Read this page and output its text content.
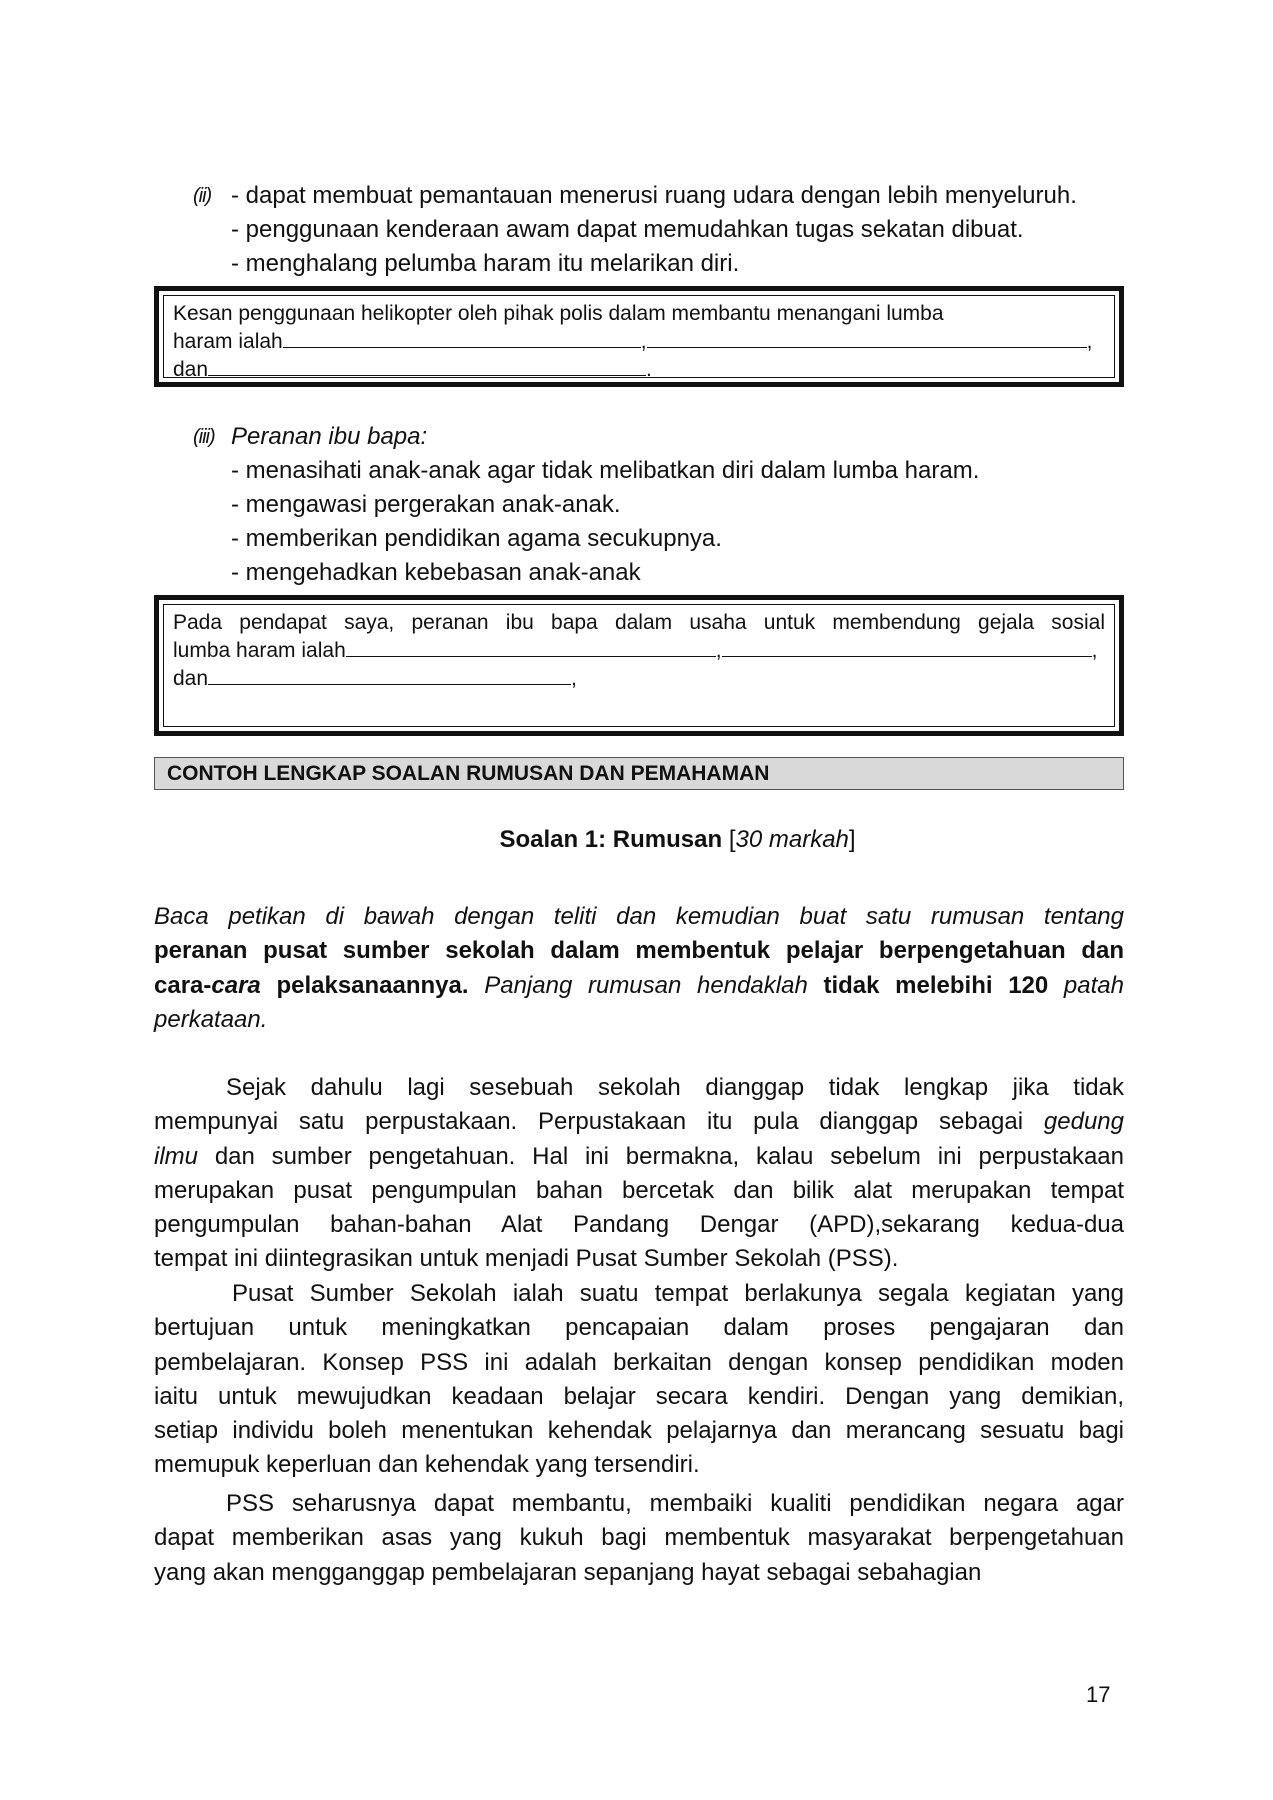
(ii) - dapat membuat pemantauan menerusi ruang udara dengan lebih menyeluruh.
- penggunaan kenderaan awam dapat memudahkan tugas sekatan dibuat.
- menghalang pelumba haram itu melarikan diri.
Kesan penggunaan helikopter oleh pihak polis dalam membantu menangani lumba
haram ialah	,	,
dan	.
(iii) Peranan ibu bapa:
- menasihati anak-anak agar tidak melibatkan diri dalam lumba haram.
- mengawasi pergerakan anak-anak.
- memberikan pendidikan agama secukupnya.
- mengehadkan kebebasan anak-anak
Pada pendapat saya, peranan ibu bapa dalam usaha untuk membendung gejala sosial
lumba haram ialah	,	,
dan	,
CONTOH LENGKAP SOALAN RUMUSAN DAN PEMAHAMAN
Soalan 1: Rumusan [30 markah]
Baca petikan di bawah dengan teliti dan kemudian buat satu rumusan tentang
peranan pusat sumber sekolah dalam membentuk pelajar berpengetahuan dan
cara-cara pelaksanaannya. Panjang rumusan hendaklah tidak melebihi 120 patah
perkataan.
Sejak dahulu lagi sesebuah sekolah dianggap tidak lengkap jika tidak
mempunyai satu perpustakaan. Perpustakaan itu pula dianggap sebagai gedung
ilmu dan sumber pengetahuan. Hal ini bermakna, kalau sebelum ini perpustakaan
merupakan pusat pengumpulan bahan bercetak dan bilik alat merupakan tempat
pengumpulan bahan-bahan Alat Pandang Dengar (APD),sekarang kedua-dua
tempat ini diintegrasikan untuk menjadi Pusat Sumber Sekolah (PSS).
Pusat Sumber Sekolah ialah suatu tempat berlakunya segala kegiatan yang
bertujuan untuk meningkatkan pencapaian dalam proses pengajaran dan
pembelajaran. Konsep PSS ini adalah berkaitan dengan konsep pendidikan moden
iaitu untuk mewujudkan keadaan belajar secara kendiri. Dengan yang demikian,
setiap individu boleh menentukan kehendak pelajarnya dan merancang sesuatu bagi
memupuk keperluan dan kehendak yang tersendiri.
PSS seharusnya dapat membantu, membaiki kualiti pendidikan negara agar
dapat memberikan asas yang kukuh bagi membentuk masyarakat berpengetahuan
yang akan mengganggap pembelajaran sepanjang hayat sebagai sebahagian
17
